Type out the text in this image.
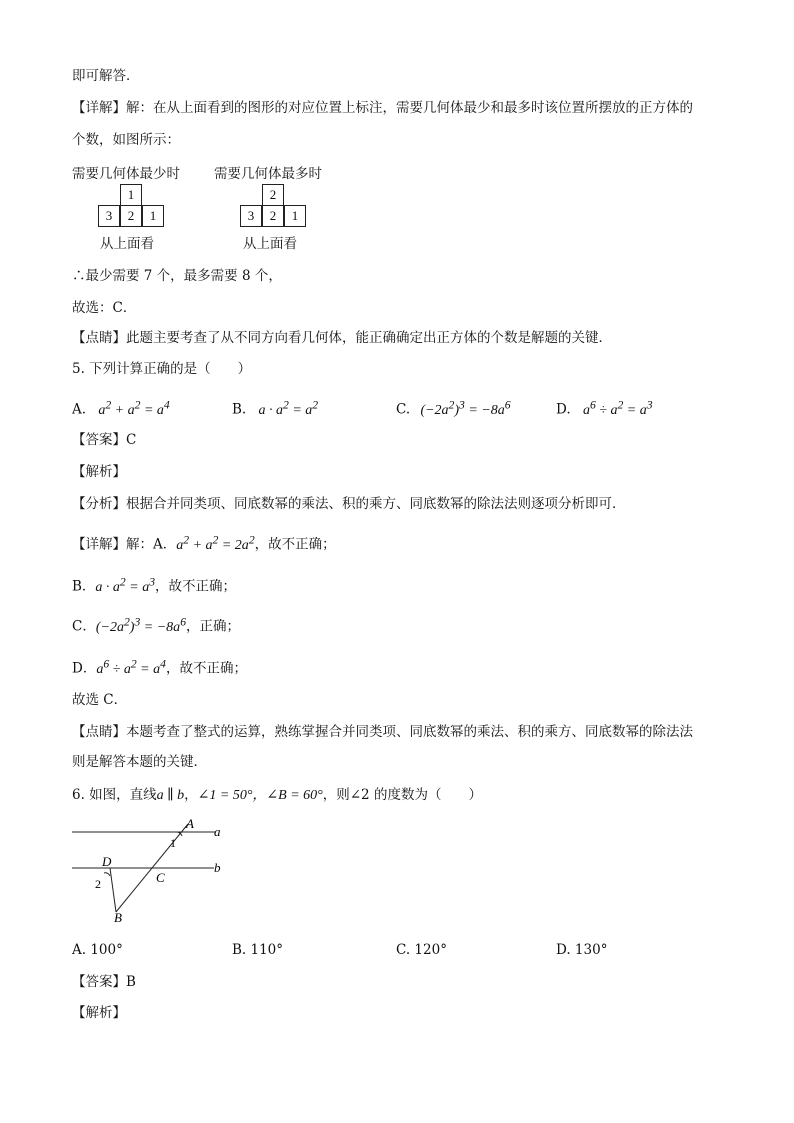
即可解答．
【详解】解：在从上面看到的图形的对应位置上标注，需要几何体最少和最多时该位置所摆放的正方体的
个数，如图所示：
需要几何体最少时	需要几何体最多时
1
3	2	1
从上面看
2
3	2	1
从上面看
∴最少需要 7 个，最多需要 8 个，
故选：C．
【点睛】此题主要考查了从不同方向看几何体，能正确确定出正方体的个数是解题的关键．
5. 下列计算正确的是（　　）
A. $a^2 + a^2 = a^4$	B. $a \cdot a^2 = a^2$	C. $(-2a^2)^3 = -8a^6$	D. $a^6 \div a^2 = a^3$
【答案】C
【解析】
【分析】根据合并同类项、同底数幂的乘法、积的乘方、同底数幂的除法法则逐项分析即可．
【详解】解：A．$a^2 + a^2 = 2a^2$，故不正确；
B．$a \cdot a^2 = a^3$，故不正确；
C．$(-2a^2)^3 = -8a^6$，正确；
D．$a^6 \div a^2 = a^4$，故不正确；
故选 C．
【点睛】本题考查了整式的运算，熟练掌握合并同类项、同底数幂的乘法、积的乘方、同底数幂的除法法
则是解答本题的关键．
6. 如图，直线a ∥ b，∠1 = 50°，∠B = 60°，则∠2 的度数为（　　）
A
a
1
D	b
C
2
B
A. 100°	B. 110°	C. 120°	D. 130°
【答案】B
【解析】
